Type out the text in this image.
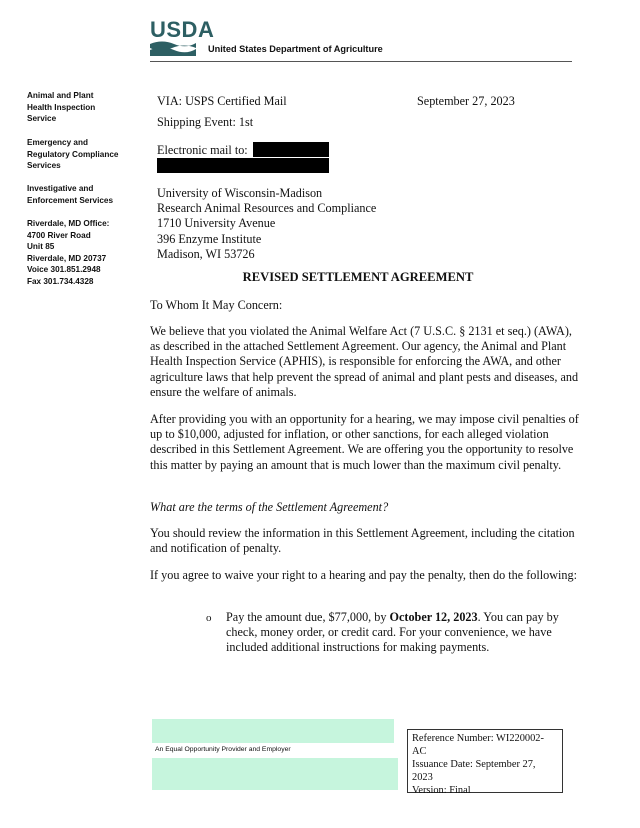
USDA
United States Department of Agriculture
Animal and Plant
Health Inspection
Service
Emergency and
Regulatory Compliance
Services
Investigative and
Enforcement Services
Riverdale, MD Office:
4700 River Road
Unit 85
Riverdale, MD 20737
Voice 301.851.2948
Fax 301.734.4328
VIA: USPS Certified Mail	September 27, 2023
Shipping Event: 1st
Electronic mail to:
University of Wisconsin-Madison
Research Animal Resources and Compliance
1710 University Avenue
396 Enzyme Institute
Madison, WI 53726
REVISED SETTLEMENT AGREEMENT
To Whom It May Concern:
We believe that you violated the Animal Welfare Act (7 U.S.C. § 2131 et seq.) (AWA), as described in the attached Settlement Agreement. Our agency, the Animal and Plant Health Inspection Service (APHIS), is responsible for enforcing the AWA, and other agriculture laws that help prevent the spread of animal and plant pests and diseases, and ensure the welfare of animals.
After providing you with an opportunity for a hearing, we may impose civil penalties of up to $10,000, adjusted for inflation, or other sanctions, for each alleged violation described in this Settlement Agreement. We are offering you the opportunity to resolve this matter by paying an amount that is much lower than the maximum civil penalty.
What are the terms of the Settlement Agreement?
You should review the information in this Settlement Agreement, including the citation and notification of penalty.
If you agree to waive your right to a hearing and pay the penalty, then do the following:
o Pay the amount due, $77,000, by October 12, 2023. You can pay by check, money order, or credit card. For your convenience, we have included additional instructions for making payments.
An Equal Opportunity Provider and Employer
Reference Number: WI220002-AC
Issuance Date: September 27, 2023
Version: Final
